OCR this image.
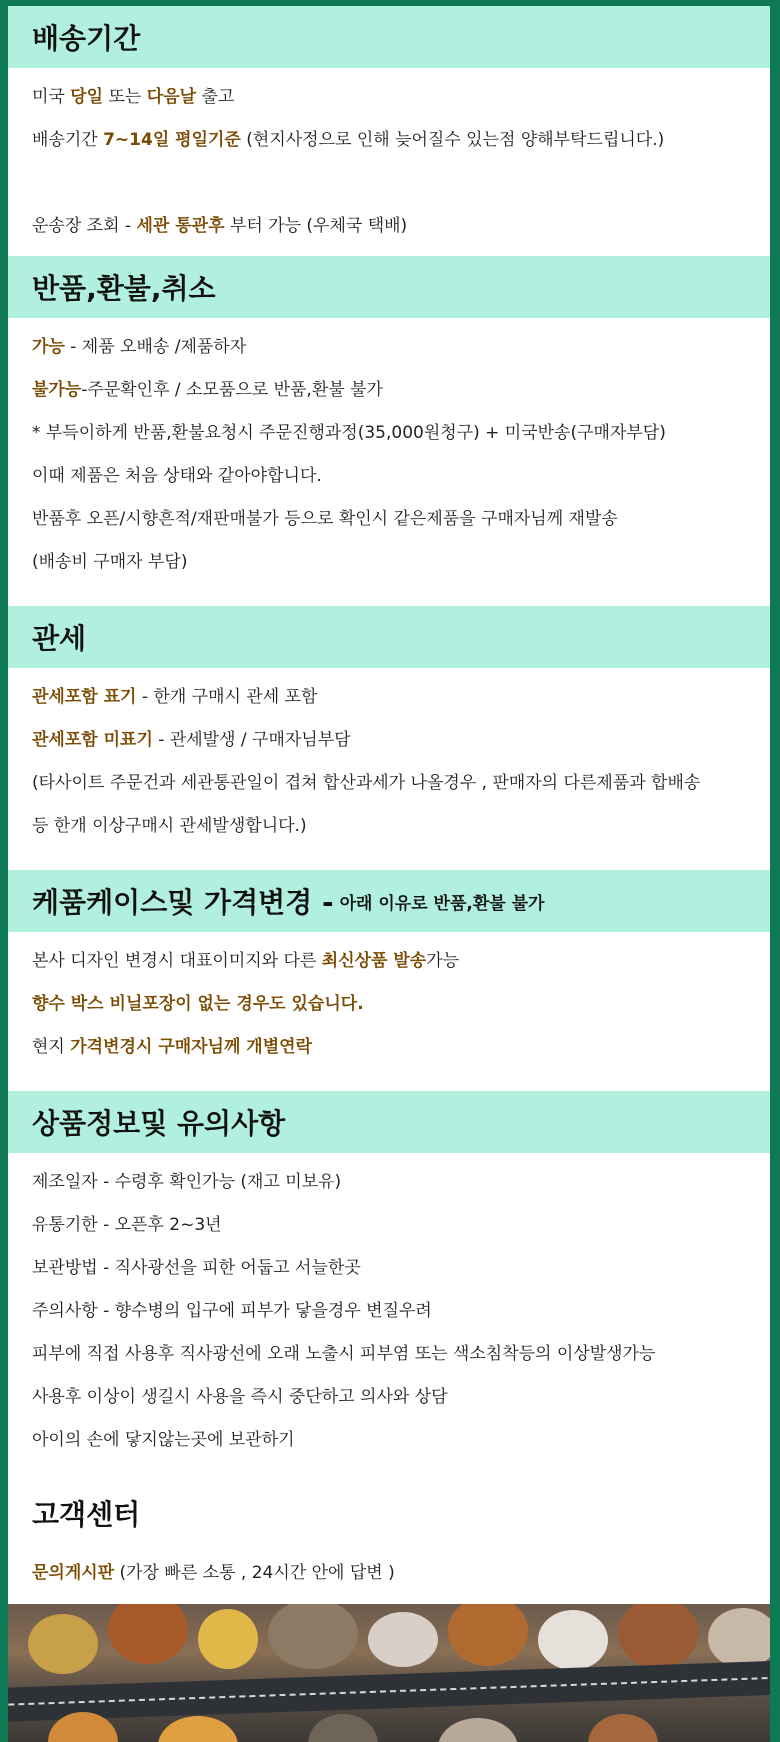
배송기간
미국 당일 또는 다음날 출고
배송기간 7~14일 평일기준 (현지사정으로 인해 늦어질수 있는점 양해부탁드립니다.)
운송장 조회 - 세관 통관후 부터 가능 (우체국 택배)
반품,환불,취소
가능 - 제품 오배송 /제품하자
불가능-주문확인후 / 소모품으로 반품,환불 불가
* 부득이하게 반품,환불요청시 주문진행과정(35,000원청구) + 미국반송(구매자부담)
이때 제품은 처음 상태와 같아야합니다.
반품후 오픈/시향흔적/재판매불가 등으로 확인시 같은제품을 구매자님께 재발송
(배송비 구매자 부담)
관세
관세포함 표기 - 한개 구매시 관세 포함
관세포함 미표기 - 관세발생 / 구매자님부담
(타사이트 주문건과 세관통관일이 겹쳐 합산과세가 나올경우 , 판매자의 다른제품과 합배송
등 한개 이상구매시 관세발생합니다.)
케품케이스및 가격변경 - 아래 이유로 반품,환불 불가
본사 디자인 변경시 대표이미지와 다른 최신상품 발송가능
향수 박스 비닐포장이 없는 경우도 있습니다.
현지 가격변경시 구매자님께 개별연락
상품정보및 유의사항
제조일자 - 수령후 확인가능 (재고 미보유)
유통기한 - 오픈후 2~3년
보관방법 - 직사광선을 피한 어둡고 서늘한곳
주의사항 - 향수병의 입구에 피부가 닿을경우 변질우려
피부에 직접 사용후 직사광선에 오래 노출시 피부염 또는 색소침착등의 이상발생가능
사용후 이상이 생길시 사용을 즉시 중단하고 의사와 상담
아이의 손에 닿지않는곳에 보관하기
고객센터
문의게시판 (가장 빠른 소통 , 24시간 안에 답변 )
